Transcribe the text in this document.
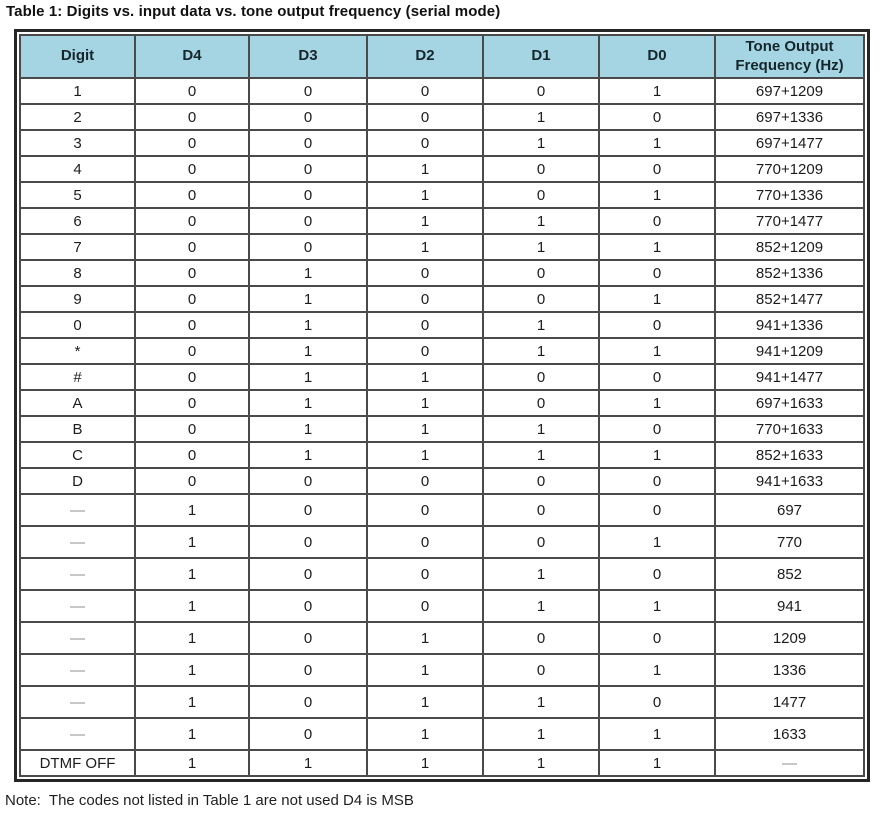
Table 1: Digits vs. input data vs. tone output frequency (serial mode)
Digit	D4	D3	D2	D1	D0	Tone Output Frequency (Hz)
1	0	0	0	0	1	697+1209
2	0	0	0	1	0	697+1336
3	0	0	0	1	1	697+1477
4	0	0	1	0	0	770+1209
5	0	0	1	0	1	770+1336
6	0	0	1	1	0	770+1477
7	0	0	1	1	1	852+1209
8	0	1	0	0	0	852+1336
9	0	1	0	0	1	852+1477
0	0	1	0	1	0	941+1336
*	0	1	0	1	1	941+1209
#	0	1	1	0	0	941+1477
A	0	1	1	0	1	697+1633
B	0	1	1	1	0	770+1633
C	0	1	1	1	1	852+1633
D	0	0	0	0	0	941+1633
—	1	0	0	0	0	697
—	1	0	0	0	1	770
—	1	0	0	1	0	852
—	1	0	0	1	1	941
—	1	0	1	0	0	1209
—	1	0	1	0	1	1336
—	1	0	1	1	0	1477
—	1	0	1	1	1	1633
DTMF OFF	1	1	1	1	1	—
Note:  The codes not listed in Table 1 are not used D4 is MSB
